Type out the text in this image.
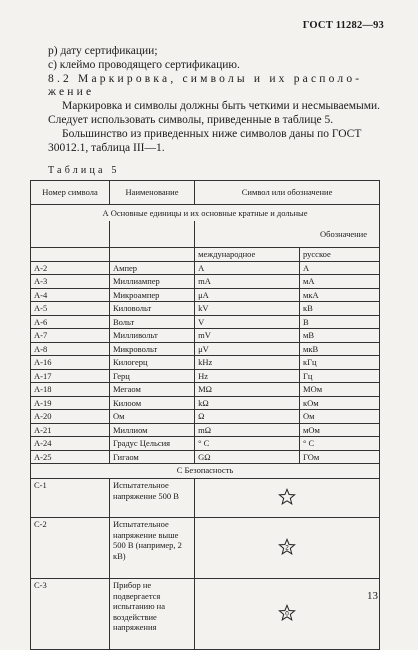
ГОСТ 11282—93
р) дату сертификации;
с) клеймо проводящего сертификацию.
8.2 Маркировка, символы и их располо-
жение
Маркировка и символы должны быть четкими и несмываемыми.
Следует использовать символы, приведенные в таблице 5.
Большинство из приведенных ниже символов даны по ГОСТ
30012.1, таблица III—1.
Таблица 5
Номер символа	Наименование	Символ или обозначение	
А Основные единицы и их основные кратные и дольные			
		Обозначение	
		международное	русское
А-2	Ампер	A	А
А-3	Миллиампер	mA	мА
А-4	Микроампер	μA	мкА
А-5	Киловольт	kV	кВ
А-6	Вольт	V	В
А-7	Милливольт	mV	мВ
А-8	Микровольт	μV	мкВ
А-16	Килогерц	kHz	кГц
А-17	Герц	Hz	Гц
А-18	Мегаом	MΩ	МОм
А-19	Килоом	kΩ	кОм
А-20	Ом	Ω	Ом
А-21	Миллиом	mΩ	мОм
А-24	Градус Цельсия	° C	° С
А-25	Гигаом	GΩ	ГОм
С Безопасность			
С-1	Испытательное напряжение 500 В	
С-2	Испытательное напряжение выше 500 В (например, 2 кВ)	2	

С-3	Прибор не подвергается испытанию на воздействие напряжения	0	
13
